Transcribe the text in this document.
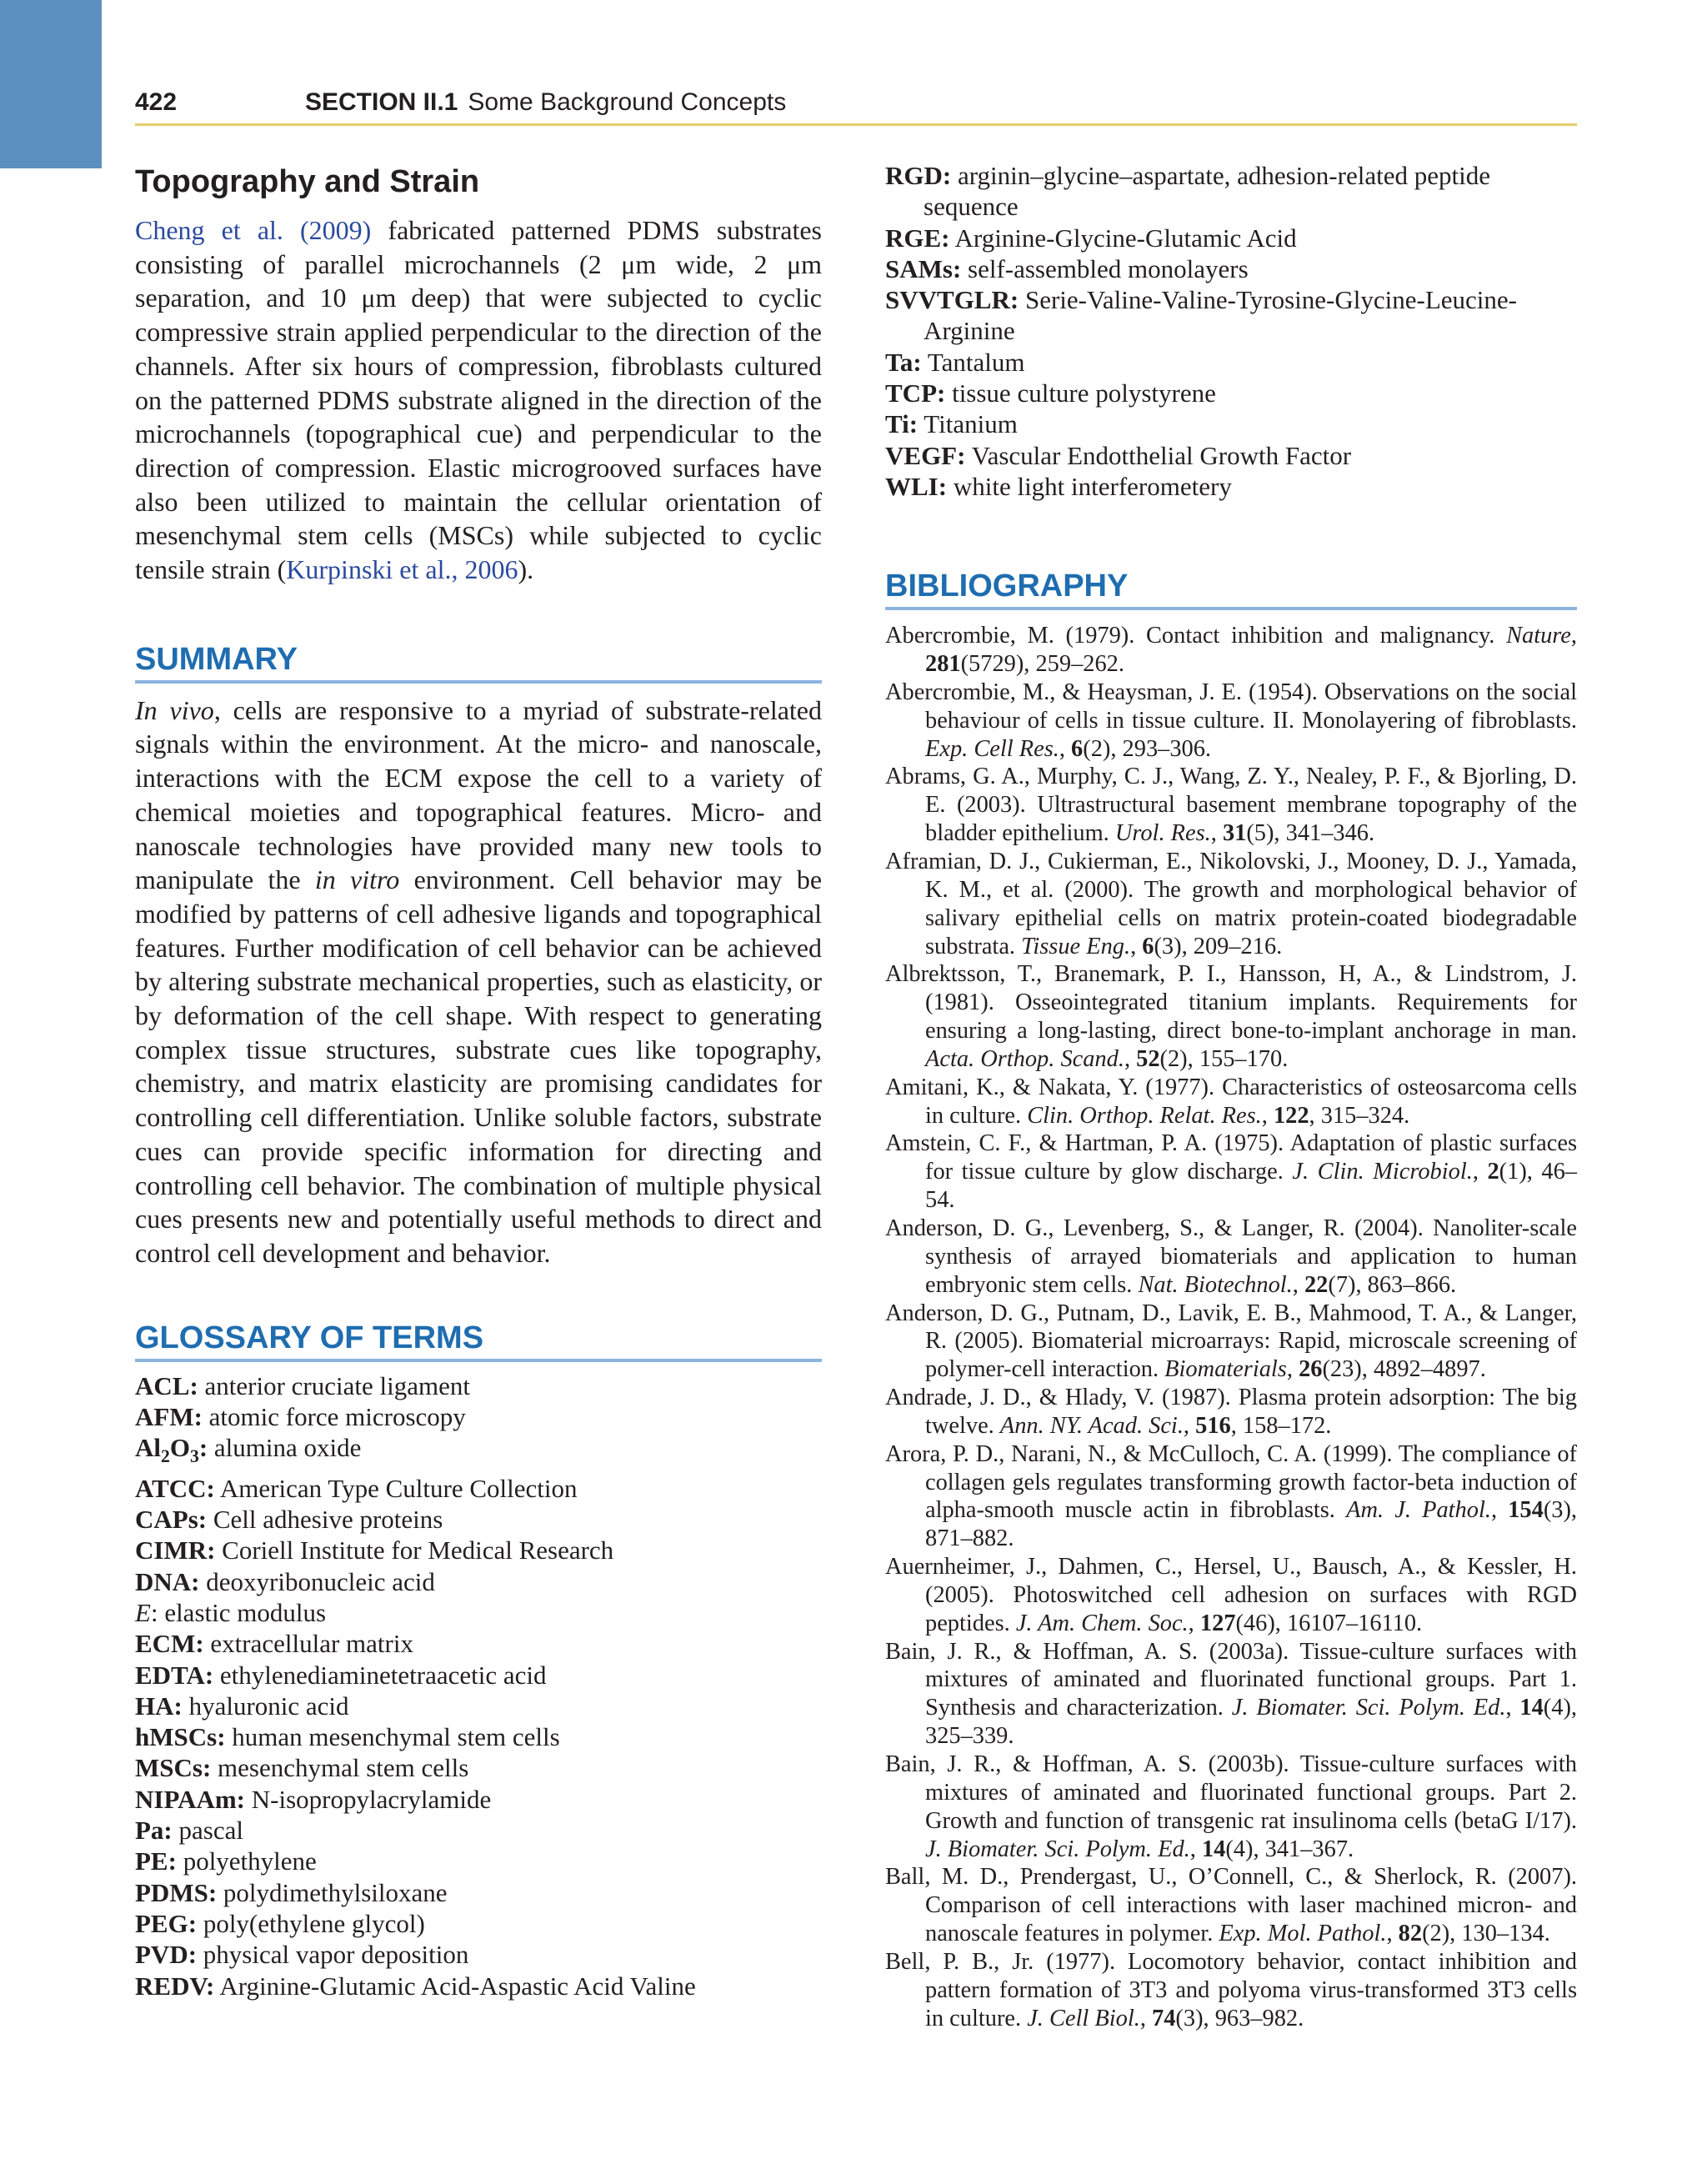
422	SECTION II.1 Some Background Concepts
Topography and Strain

Cheng et al. (2009) fabricated patterned PDMS substrates consisting of parallel microchannels (2 μm wide, 2 μm separation, and 10 μm deep) that were subjected to cyclic compressive strain applied perpendicular to the direction of the channels. After six hours of compression, fibroblasts cultured on the patterned PDMS substrate aligned in the direction of the microchannels (topographical cue) and perpendicular to the direction of compression. Elastic microgrooved surfaces have also been utilized to maintain the cellular orientation of mesenchymal stem cells (MSCs) while subjected to cyclic tensile strain (Kurpinski et al., 2006).

SUMMARY

In vivo, cells are responsive to a myriad of substrate-related signals within the environment. At the micro- and nanoscale, interactions with the ECM expose the cell to a variety of chemical moieties and topographical features. Micro- and nanoscale technologies have provided many new tools to manipulate the in vitro environment. Cell behavior may be modified by patterns of cell adhesive ligands and topographical features. Further modification of cell behavior can be achieved by altering substrate mechanical properties, such as elasticity, or by deformation of the cell shape. With respect to generating complex tissue structures, substrate cues like topography, chemistry, and matrix elasticity are promising candidates for controlling cell differentiation. Unlike soluble factors, substrate cues can provide specific information for directing and controlling cell behavior. The combination of multiple physical cues presents new and potentially useful methods to direct and control cell development and behavior.

GLOSSARY OF TERMS
ACL: anterior cruciate ligament
AFM: atomic force microscopy
$Al_2O_3$: alumina oxide
ATCC: American Type Culture Collection
CAPs: Cell adhesive proteins
CIMR: Coriell Institute for Medical Research
DNA: deoxyribonucleic acid
E: elastic modulus
ECM: extracellular matrix
EDTA: ethylenediaminetetraacetic acid
HA: hyaluronic acid
hMSCs: human mesenchymal stem cells
MSCs: mesenchymal stem cells
NIPAAm: N-isopropylacrylamide
Pa: pascal
PE: polyethylene
PDMS: polydimethylsiloxane
PEG: poly(ethylene glycol)
PVD: physical vapor deposition
REDV: Arginine-Glutamic Acid-Aspastic Acid Valine
RGD: arginin–glycine–aspartate, adhesion-related peptide sequence
RGE: Arginine-Glycine-Glutamic Acid
SAMs: self-assembled monolayers
SVVTGLR: Serie-Valine-Valine-Tyrosine-Glycine-Leucine-Arginine
Ta: Tantalum
TCP: tissue culture polystyrene
Ti: Titanium
VEGF: Vascular Endotthelial Growth Factor
WLI: white light interferometery
BIBLIOGRAPHY
Abercrombie, M. (1979). Contact inhibition and malignancy. Nature, 281(5729), 259–262.
Abercrombie, M., & Heaysman, J. E. (1954). Observations on the social behaviour of cells in tissue culture. II. Monolayering of fibroblasts. Exp. Cell Res., 6(2), 293–306.
Abrams, G. A., Murphy, C. J., Wang, Z. Y., Nealey, P. F., & Bjorling, D. E. (2003). Ultrastructural basement membrane topography of the bladder epithelium. Urol. Res., 31(5), 341–346.
Aframian, D. J., Cukierman, E., Nikolovski, J., Mooney, D. J., Yamada, K. M., et al. (2000). The growth and morphological behavior of salivary epithelial cells on matrix protein-coated biodegradable substrata. Tissue Eng., 6(3), 209–216.
Albrektsson, T., Branemark, P. I., Hansson, H, A., & Lindstrom, J. (1981). Osseointegrated titanium implants. Requirements for ensuring a long-lasting, direct bone-to-implant anchorage in man. Acta. Orthop. Scand., 52(2), 155–170.
Amitani, K., & Nakata, Y. (1977). Characteristics of osteosarcoma cells in culture. Clin. Orthop. Relat. Res., 122, 315–324.
Amstein, C. F., & Hartman, P. A. (1975). Adaptation of plastic surfaces for tissue culture by glow discharge. J. Clin. Microbiol., 2(1), 46–54.
Anderson, D. G., Levenberg, S., & Langer, R. (2004). Nanoliter-scale synthesis of arrayed biomaterials and application to human embryonic stem cells. Nat. Biotechnol., 22(7), 863–866.
Anderson, D. G., Putnam, D., Lavik, E. B., Mahmood, T. A., & Langer, R. (2005). Biomaterial microarrays: Rapid, microscale screening of polymer-cell interaction. Biomaterials, 26(23), 4892–4897.
Andrade, J. D., & Hlady, V. (1987). Plasma protein adsorption: The big twelve. Ann. NY. Acad. Sci., 516, 158–172.
Arora, P. D., Narani, N., & McCulloch, C. A. (1999). The compliance of collagen gels regulates transforming growth factor-beta induction of alpha-smooth muscle actin in fibroblasts. Am. J. Pathol., 154(3), 871–882.
Auernheimer, J., Dahmen, C., Hersel, U., Bausch, A., & Kessler, H. (2005). Photoswitched cell adhesion on surfaces with RGD peptides. J. Am. Chem. Soc., 127(46), 16107–16110.
Bain, J. R., & Hoffman, A. S. (2003a). Tissue-culture surfaces with mixtures of aminated and fluorinated functional groups. Part 1. Synthesis and characterization. J. Biomater. Sci. Polym. Ed., 14(4), 325–339.
Bain, J. R., & Hoffman, A. S. (2003b). Tissue-culture surfaces with mixtures of aminated and fluorinated functional groups. Part 2. Growth and function of transgenic rat insulinoma cells (betaG I/17). J. Biomater. Sci. Polym. Ed., 14(4), 341–367.
Ball, M. D., Prendergast, U., O’Connell, C., & Sherlock, R. (2007). Comparison of cell interactions with laser machined micron- and nanoscale features in polymer. Exp. Mol. Pathol., 82(2), 130–134.
Bell, P. B., Jr. (1977). Locomotory behavior, contact inhibition and pattern formation of 3T3 and polyoma virus-transformed 3T3 cells in culture. J. Cell Biol., 74(3), 963–982.
